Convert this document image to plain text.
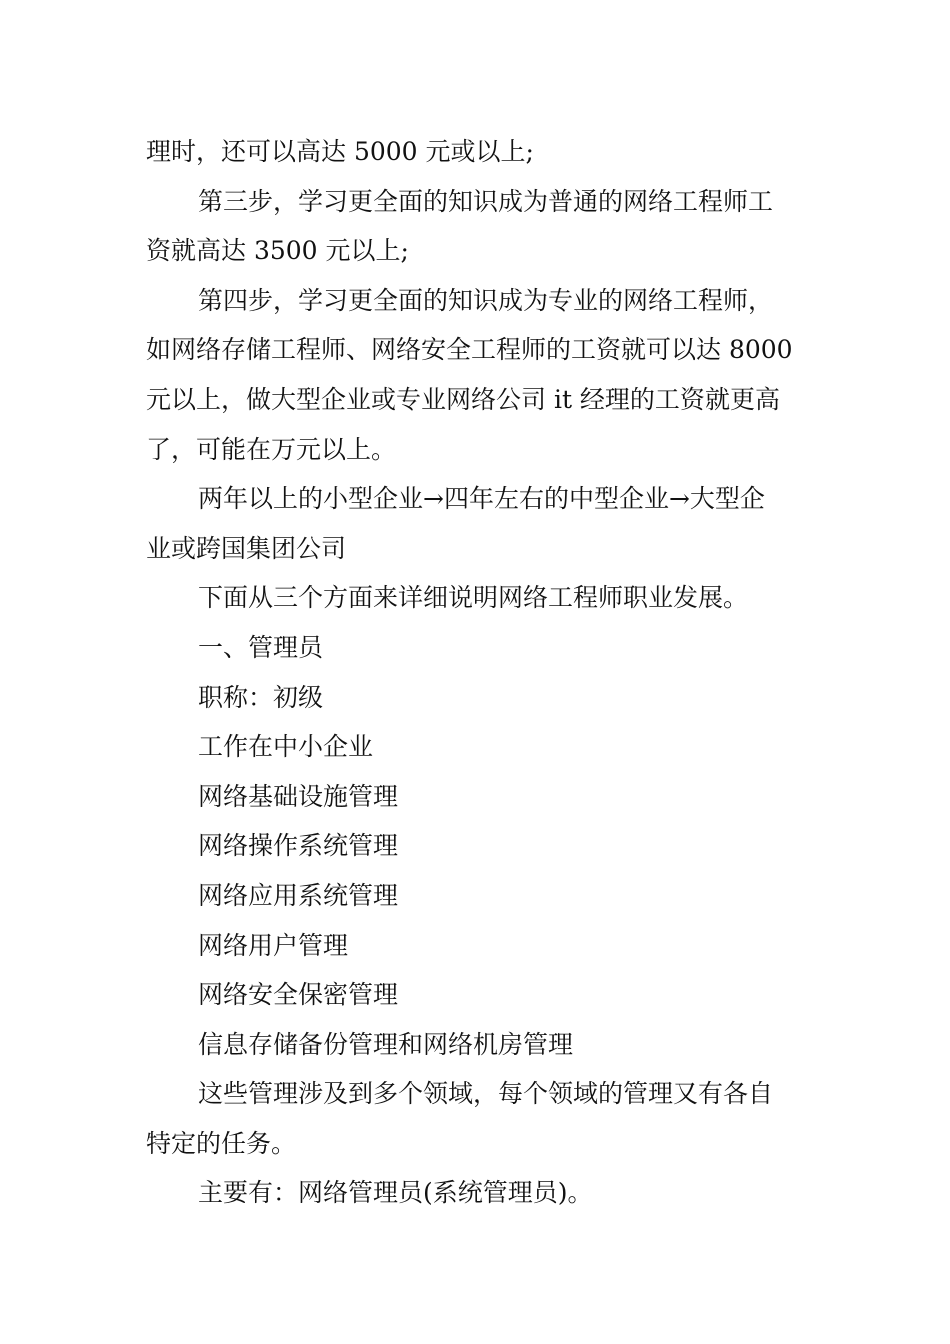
理时，还可以高达 5000 元或以上;
第三步，学习更全面的知识成为普通的网络工程师工
资就高达 3500 元以上;
第四步，学习更全面的知识成为专业的网络工程师，
如网络存储工程师、网络安全工程师的工资就可以达 8000
元以上，做大型企业或专业网络公司 it 经理的工资就更高
了，可能在万元以上。
两年以上的小型企业→四年左右的中型企业→大型企
业或跨国集团公司
下面从三个方面来详细说明网络工程师职业发展。
一、管理员
职称：初级
工作在中小企业
网络基础设施管理
网络操作系统管理
网络应用系统管理
网络用户管理
网络安全保密管理
信息存储备份管理和网络机房管理
这些管理涉及到多个领域，每个领域的管理又有各自
特定的任务。
主要有：网络管理员(系统管理员)。
